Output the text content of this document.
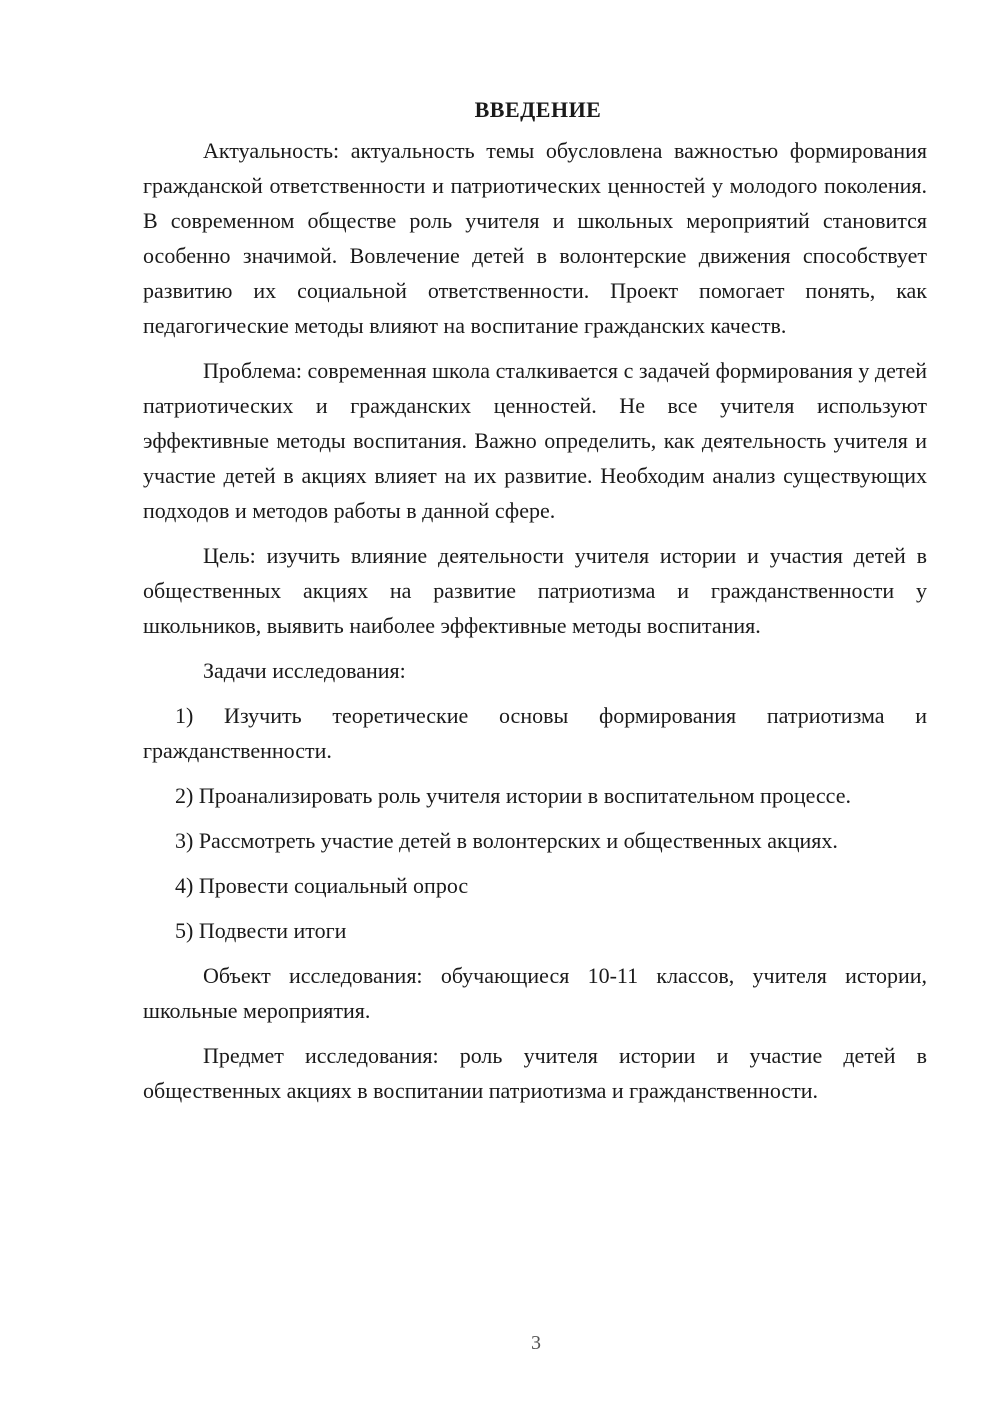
ВВЕДЕНИЕ

Актуальность: актуальность темы обусловлена важностью формирования гражданской ответственности и патриотических ценностей у молодого поколения. В современном обществе роль учителя и школьных мероприятий становится особенно значимой. Вовлечение детей в волонтерские движения способствует развитию их социальной ответственности. Проект помогает понять, как педагогические методы влияют на воспитание гражданских качеств.

Проблема: современная школа сталкивается с задачей формирования у детей патриотических и гражданских ценностей. Не все учителя используют эффективные методы воспитания. Важно определить, как деятельность учителя и участие детей в акциях влияет на их развитие. Необходим анализ существующих подходов и методов работы в данной сфере.

Цель: изучить влияние деятельности учителя истории и участия детей в общественных акциях на развитие патриотизма и гражданственности у школьников, выявить наиболее эффективные методы воспитания.

Задачи исследования:

1) Изучить теоретические основы формирования патриотизма и гражданственности.

2) Проанализировать роль учителя истории в воспитательном процессе.

3) Рассмотреть участие детей в волонтерских и общественных акциях.

4) Провести социальный опрос

5) Подвести итоги

Объект исследования: обучающиеся 10-11 классов, учителя истории, школьные мероприятия.

Предмет исследования: роль учителя истории и участие детей в общественных акциях в воспитании патриотизма и гражданственности.

3
